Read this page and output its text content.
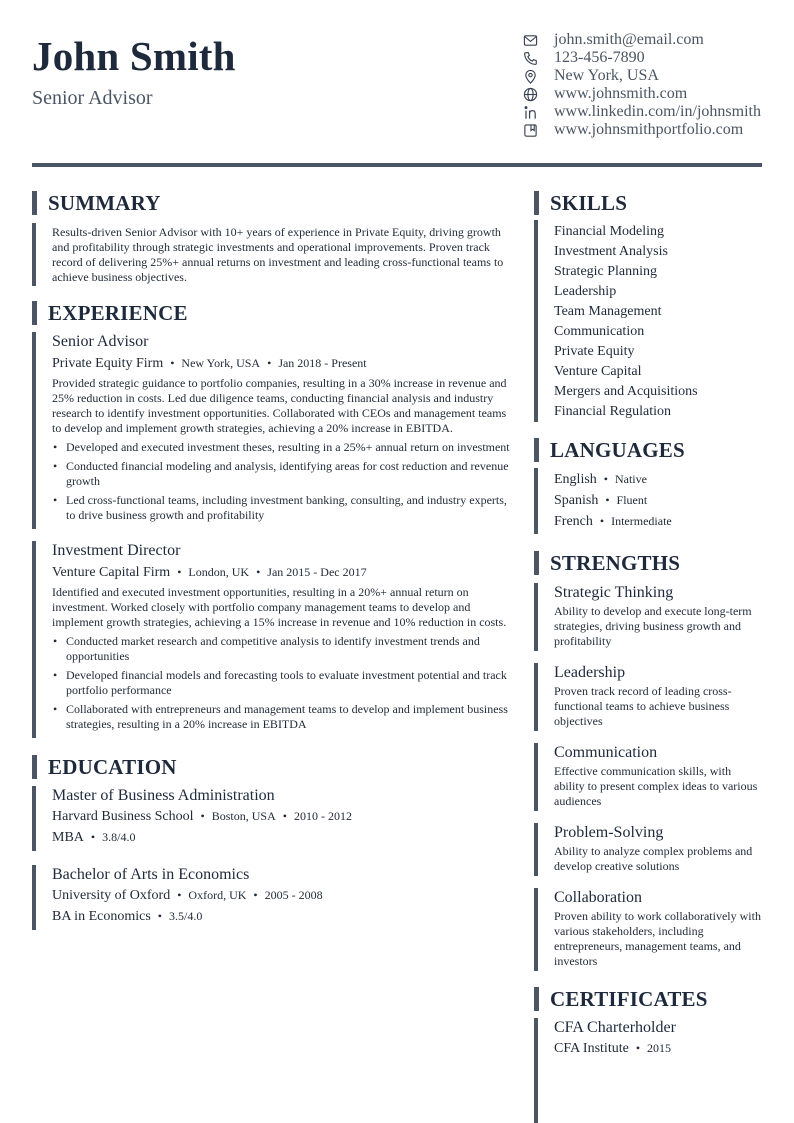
John Smith
Senior Advisor
john.smith@email.com
123-456-7890
New York, USA
www.johnsmith.com
www.linkedin.com/in/johnsmith
www.johnsmithportfolio.com
SUMMARY

Results-driven Senior Advisor with 10+ years of experience in Private Equity, driving growth and profitability through strategic investments and operational improvements. Proven track record of delivering 25%+ annual returns on investment and leading cross-functional teams to achieve business objectives.

EXPERIENCE
Senior Advisor
Private Equity Firm • New York, USA • Jan 2018 - Present

Provided strategic guidance to portfolio companies, resulting in a 30% increase in revenue and 25% reduction in costs. Led due diligence teams, conducting financial analysis and industry research to identify investment opportunities. Collaborated with CEOs and management teams to develop and implement growth strategies, achieving a 20% increase in EBITDA.

• Developed and executed investment theses, resulting in a 25%+ annual return on investment
• Conducted financial modeling and analysis, identifying areas for cost reduction and revenue growth
• Led cross-functional teams, including investment banking, consulting, and industry experts, to drive business growth and profitability
Investment Director
Venture Capital Firm • London, UK • Jan 2015 - Dec 2017

Identified and executed investment opportunities, resulting in a 20%+ annual return on investment. Worked closely with portfolio company management teams to develop and implement growth strategies, achieving a 15% increase in revenue and 10% reduction in costs.

• Conducted market research and competitive analysis to identify investment trends and opportunities
• Developed financial models and forecasting tools to evaluate investment potential and track portfolio performance
• Collaborated with entrepreneurs and management teams to develop and implement business strategies, resulting in a 20% increase in EBITDA
EDUCATION
Master of Business Administration
Harvard Business School • Boston, USA • 2010 - 2012
MBA • 3.8/4.0
Bachelor of Arts in Economics
University of Oxford • Oxford, UK • 2005 - 2008
BA in Economics • 3.5/4.0
SKILLS
Financial Modeling
Investment Analysis
Strategic Planning
Leadership
Team Management
Communication
Private Equity
Venture Capital
Mergers and Acquisitions
Financial Regulation
LANGUAGES
English • Native
Spanish • Fluent
French • Intermediate
STRENGTHS
Strategic Thinking

Ability to develop and execute long-term strategies, driving business growth and profitability

Leadership

Proven track record of leading cross-functional teams to achieve business objectives

Communication

Effective communication skills, with ability to present complex ideas to various audiences

Problem-Solving

Ability to analyze complex problems and develop creative solutions

Collaboration

Proven ability to work collaboratively with various stakeholders, including entrepreneurs, management teams, and investors

CERTIFICATES
CFA Charterholder
CFA Institute • 2015
